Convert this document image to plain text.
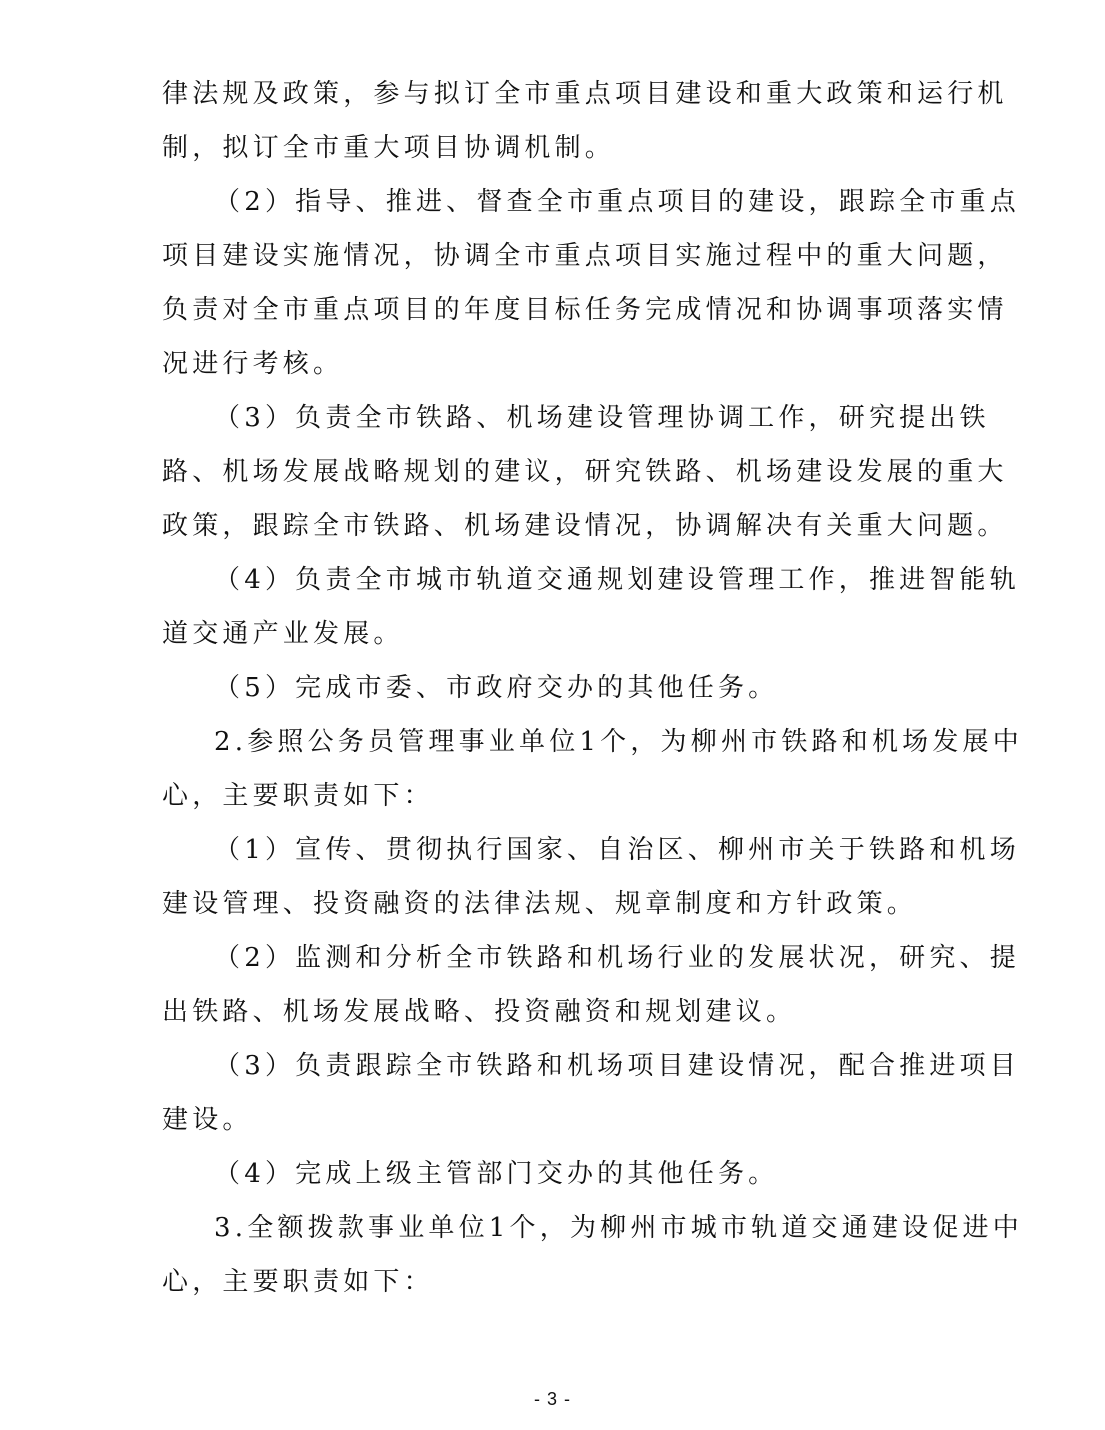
律法规及政策，参与拟订全市重点项目建设和重大政策和运行机
制，拟订全市重大项目协调机制。
（2）指导、推进、督查全市重点项目的建设，跟踪全市重点
项目建设实施情况，协调全市重点项目实施过程中的重大问题，
负责对全市重点项目的年度目标任务完成情况和协调事项落实情
况进行考核。
（3）负责全市铁路、机场建设管理协调工作，研究提出铁
路、机场发展战略规划的建议，研究铁路、机场建设发展的重大
政策，跟踪全市铁路、机场建设情况，协调解决有关重大问题。
（4）负责全市城市轨道交通规划建设管理工作，推进智能轨
道交通产业发展。
（5）完成市委、市政府交办的其他任务。
2.参照公务员管理事业单位1个，为柳州市铁路和机场发展中
心，主要职责如下：
（1）宣传、贯彻执行国家、自治区、柳州市关于铁路和机场
建设管理、投资融资的法律法规、规章制度和方针政策。
（2）监测和分析全市铁路和机场行业的发展状况，研究、提
出铁路、机场发展战略、投资融资和规划建议。
（3）负责跟踪全市铁路和机场项目建设情况，配合推进项目
建设。
（4）完成上级主管部门交办的其他任务。
3.全额拨款事业单位1个，为柳州市城市轨道交通建设促进中
心，主要职责如下：
- 3 -
